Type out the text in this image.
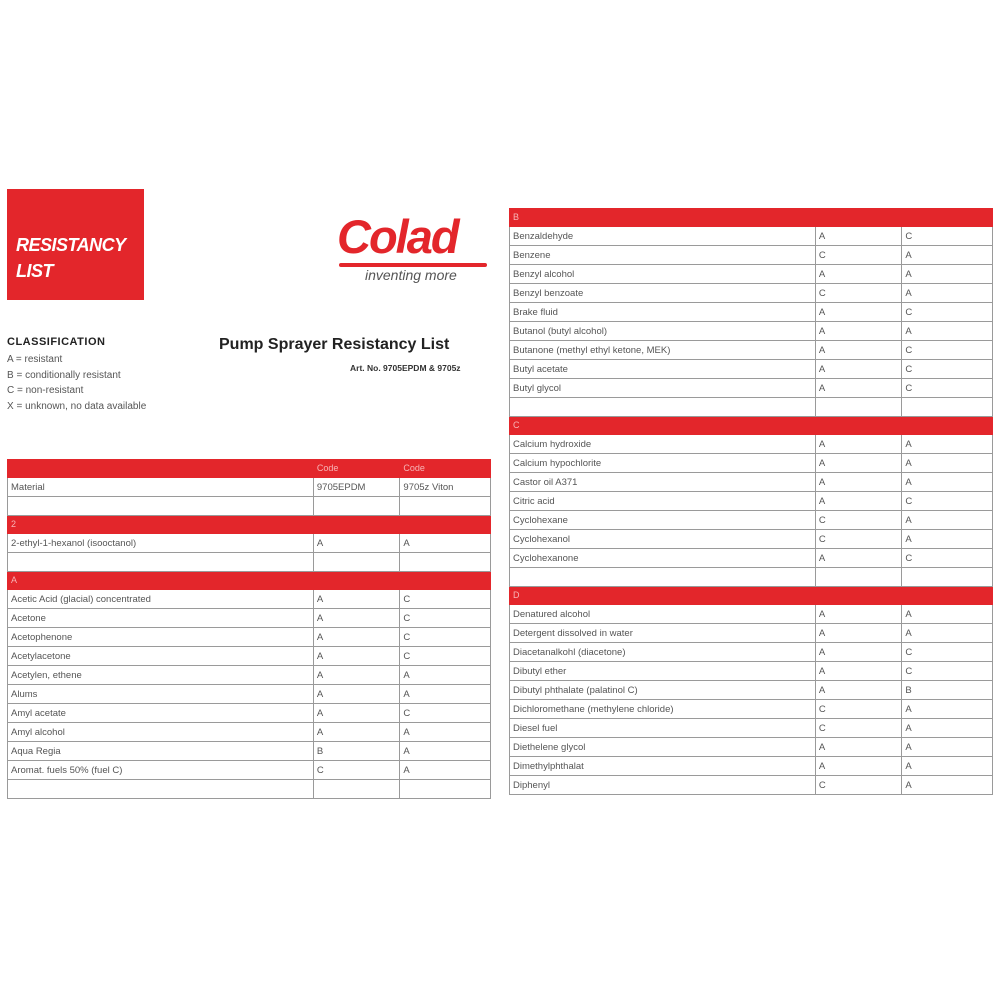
RESISTANCY
LIST
Colad
inventing more
CLASSIFICATION
A = resistant
B = conditionally resistant
C = non-resistant
X = unknown, no data available
Pump Sprayer Resistancy List
Art. No. 9705EPDM & 9705z
	Code	Code
Material	9705EPDM	9705z Viton

2		
2-ethyl-1-hexanol (isooctanol)	A	A

A		
Acetic Acid (glacial) concentrated	A	C
Acetone	A	C
Acetophenone	A	C
Acetylacetone	A	C
Acetylen, ethene	A	A
Alums	A	A
Amyl acetate	A	C
Amyl alcohol	A	A
Aqua Regia	B	A
Aromat. fuels 50% (fuel C)	C	A

B		
Benzaldehyde	A	C
Benzene	C	A
Benzyl alcohol	A	A
Benzyl benzoate	C	A
Brake fluid	A	C
Butanol (butyl alcohol)	A	A
Butanone (methyl ethyl ketone, MEK)	A	C
Butyl acetate	A	C
Butyl glycol	A	C

C		
Calcium hydroxide	A	A
Calcium hypochlorite	A	A
Castor oil A371	A	A
Citric acid	A	C
Cyclohexane	C	A
Cyclohexanol	C	A
Cyclohexanone	A	C

D		
Denatured alcohol	A	A
Detergent dissolved in water	A	A
Diacetanalkohl (diacetone)	A	C
Dibutyl ether	A	C
Dibutyl phthalate (palatinol C)	A	B
Dichloromethane (methylene chloride)	C	A
Diesel fuel	C	A
Diethelene glycol	A	A
Dimethylphthalat	A	A
Diphenyl	C	A
